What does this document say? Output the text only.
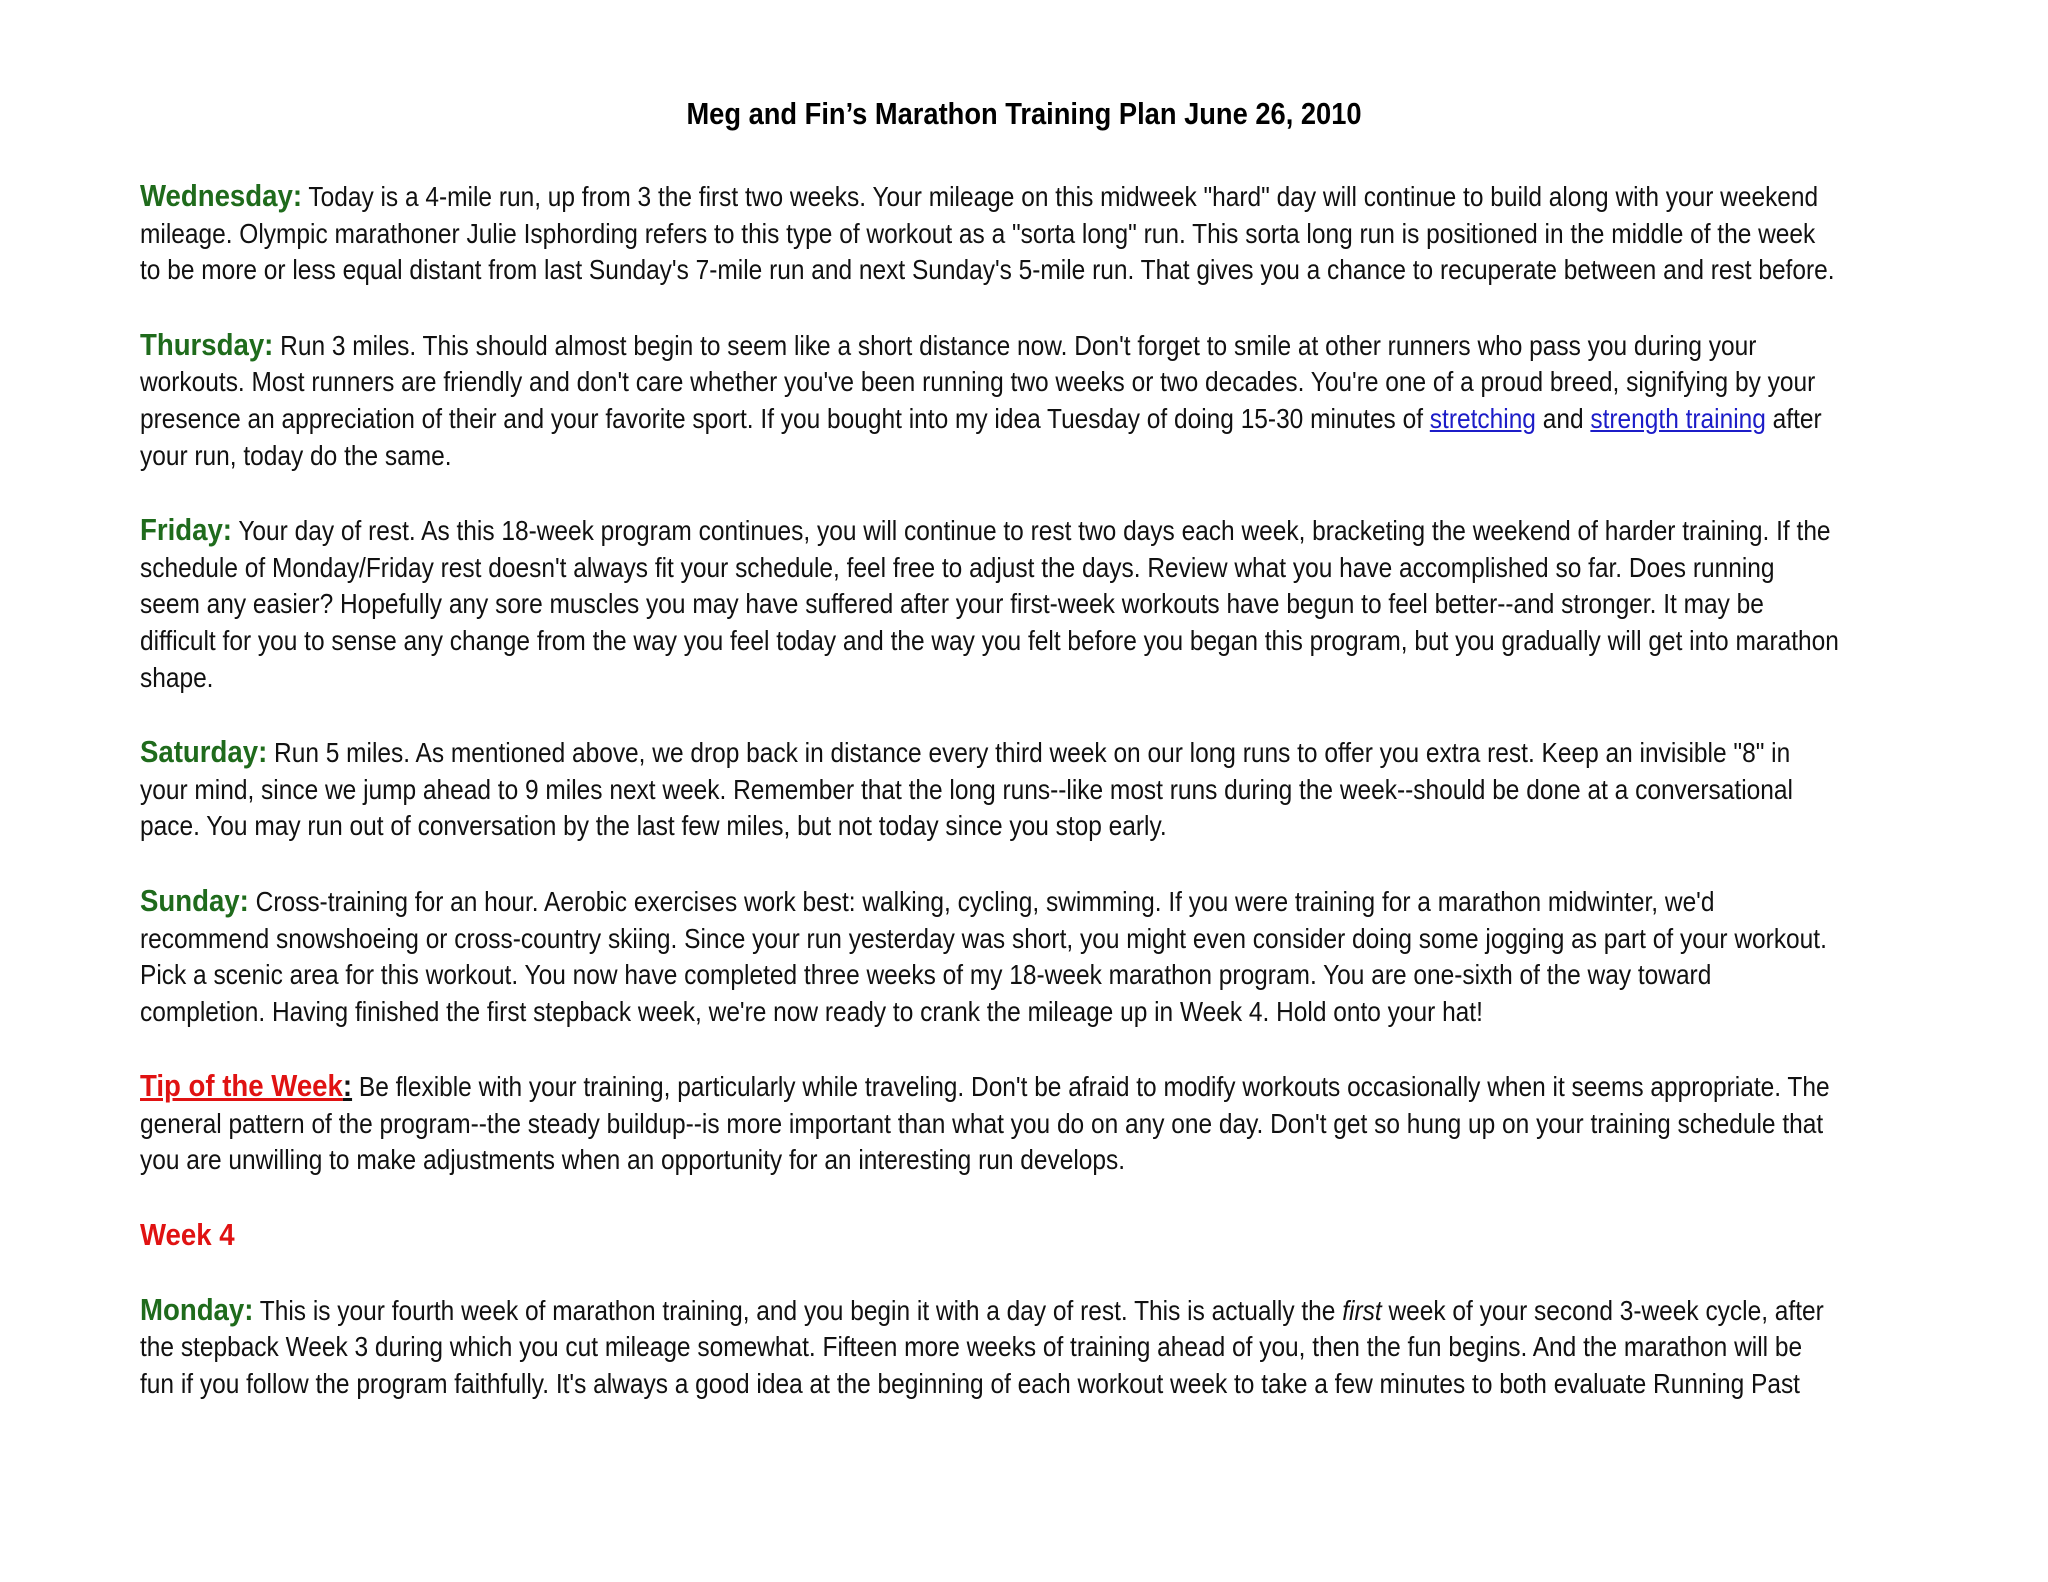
Meg and Fin’s Marathon Training Plan June 26, 2010

Wednesday: Today is a 4-mile run, up from 3 the first two weeks. Your mileage on this midweek "hard" day will continue to build along with your weekend mileage. Olympic marathoner Julie Isphording refers to this type of workout as a "sorta long" run. This sorta long run is positioned in the middle of the week to be more or less equal distant from last Sunday's 7-mile run and next Sunday's 5-mile run. That gives you a chance to recuperate between and rest before.

Thursday: Run 3 miles. This should almost begin to seem like a short distance now. Don't forget to smile at other runners who pass you during your workouts. Most runners are friendly and don't care whether you've been running two weeks or two decades. You're one of a proud breed, signifying by your presence an appreciation of their and your favorite sport. If you bought into my idea Tuesday of doing 15-30 minutes of stretching and strength training after your run, today do the same.

Friday: Your day of rest. As this 18-week program continues, you will continue to rest two days each week, bracketing the weekend of harder training. If the schedule of Monday/Friday rest doesn't always fit your schedule, feel free to adjust the days. Review what you have accomplished so far. Does running seem any easier? Hopefully any sore muscles you may have suffered after your first-week workouts have begun to feel better--and stronger. It may be difficult for you to sense any change from the way you feel today and the way you felt before you began this program, but you gradually will get into marathon shape.

Saturday: Run 5 miles. As mentioned above, we drop back in distance every third week on our long runs to offer you extra rest. Keep an invisible "8" in your mind, since we jump ahead to 9 miles next week. Remember that the long runs--like most runs during the week--should be done at a conversational pace. You may run out of conversation by the last few miles, but not today since you stop early.

Sunday: Cross-training for an hour. Aerobic exercises work best: walking, cycling, swimming. If you were training for a marathon midwinter, we'd recommend snowshoeing or cross-country skiing. Since your run yesterday was short, you might even consider doing some jogging as part of your workout. Pick a scenic area for this workout. You now have completed three weeks of my 18-week marathon program. You are one-sixth of the way toward completion. Having finished the first stepback week, we're now ready to crank the mileage up in Week 4. Hold onto your hat!

Tip of the Week: Be flexible with your training, particularly while traveling. Don't be afraid to modify workouts occasionally when it seems appropriate. The general pattern of the program--the steady buildup--is more important than what you do on any one day. Don't get so hung up on your training schedule that you are unwilling to make adjustments when an opportunity for an interesting run develops.

Week 4

Monday: This is your fourth week of marathon training, and you begin it with a day of rest. This is actually the first week of your second 3-week cycle, after the stepback Week 3 during which you cut mileage somewhat. Fifteen more weeks of training ahead of you, then the fun begins. And the marathon will be fun if you follow the program faithfully. It's always a good idea at the beginning of each workout week to take a few minutes to both evaluate Running Past
